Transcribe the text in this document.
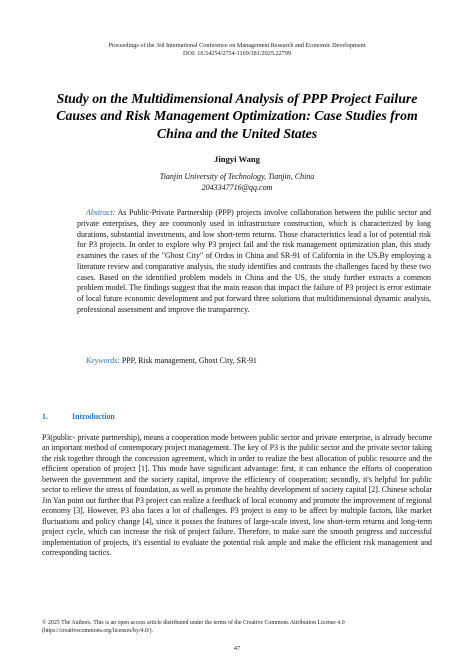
Proceedings of the 3rd International Conference on Management Research and Economic Development
DOI: 10.54254/2754-1169/181/2025.22799
Study on the Multidimensional Analysis of PPP Project Failure Causes and Risk Management Optimization: Case Studies from China and the United States
Jingyi Wang
Tianjin University of Technology, Tianjin, China
2043347716@qq.com
Abstract: As Public-Private Partnership (PPP) projects involve collaboration between the public sector and private enterprises, they are commonly used in infrastructure construction, which is characterized by long durations, substantial investments, and low short-term returns. Those characteristics lead a lot of potential risk for P3 projects. In order to explore why P3 project fail and the risk management optimization plan, this study examines the cases of the "Ghost City" of Ordos in China and SR-91 of California in the US.By employing a literature review and comparative analysis, the study identifies and contrasts the challenges faced by these two cases. Based on the identified problem models in China and the US, the study further extracts a common problem model. The findings suggest that the main reason that impact the failure of P3 project is error estimate of local future economic development and put forward three solutions that multidimensional dynamic analysis, professional assessment and improve the transparency.
Keywords: PPP, Risk management, Ghost City, SR-91
1.	Introduction
P3(public- private partnership), means a cooperation mode between public sector and private enterprise, is already become an important method of contemporary project management. The key of P3 is the public sector and the private sector taking the risk together through the concession agreement, which in order to realize the best allocation of public resource and the efficient operation of project [1]. This mode have significant advantage: first, it can enhance the efforts of cooperation between the government and the society capital, improve the efficiency of cooperation; secondly, it's helpful for public sector to relieve the stress of foundation, as well as promote the healthy development of society capital [2]. Chinese scholar Jin Yan point out further that P3 project can realize a feedback of local economy and promote the improvement of regional economy [3]. However, P3 also faces a lot of challenges. P3 project is easy to be affect by multiple factors, like market fluctuations and policy change [4], since it posses the features of large-scale invest, low short-term returns and long-term project cycle, which can increase the risk of project failure. Therefore, to make sure the smooth progress and successful implementation of projects, it's essential to evaluate the potential risk ample and make the efficient risk management and corresponding tactics.
© 2025 The Authors. This is an open access article distributed under the terms of the Creative Commons Attribution License 4.0 (https://creativecommons.org/licenses/by/4.0/).
47
